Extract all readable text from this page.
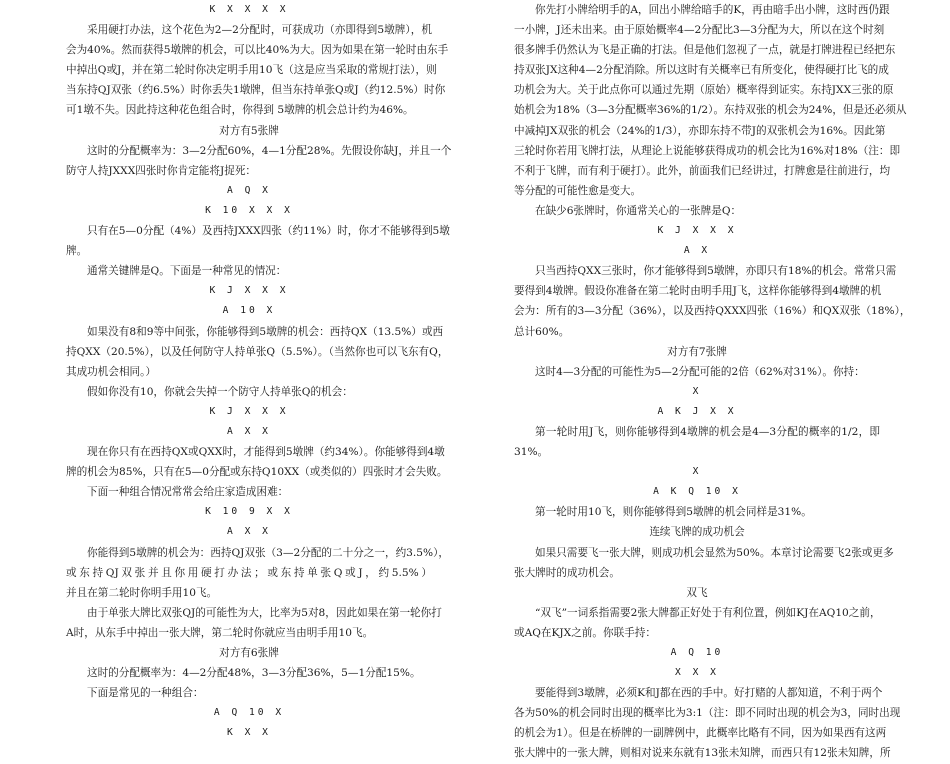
K X X X X
采用硬打办法，这个花色为2—2分配时，可获成功（亦即得到5墩牌），机
会为40%。然而获得5墩牌的机会，可以比40%为大。因为如果在第一轮时由东手
中掉出Q或J，并在第二轮时你决定明手用10飞（这是应当采取的常规打法），则
当东持QJ双张（约6.5%）时你丢失1墩牌，但当东持单张Q或J（约12.5%）时你
可1墩不失。因此持这种花色组合时，你得到 5墩牌的机会总计约为46%。
对方有5张牌
这时的分配概率为：3—2分配60%，4—1分配28%。先假设你缺J，并且一个
防守人持JXXX四张时你肯定能将J捉死：
A Q X
K 10 X X X
只有在5—0分配（4%）及西持JXXX四张（约11%）时，你才不能够得到5墩
牌。
通常关键牌是Q。下面是一种常见的情况：
K J X X X
A 10 X
如果没有8和9等中间张，你能够得到5墩牌的机会：西持QX（13.5%）或西
持QXX（20.5%），以及任何防守人持单张Q（5.5%）。（当然你也可以飞东有Q，
其成功机会相同。）
假如你没有10，你就会失掉一个防守人持单张Q的机会：
K J X X X
A X X
现在你只有在西持QX或QXX时，才能得到5墩牌（约34%）。你能够得到4墩
牌的机会为85%，只有在5—0分配或东持Q10XX（或类似的）四张时才会失败。
下面一种组合情况常常会给庄家造成困难：
K 10 9 X X
A X X
你能得到5墩牌的机会为：西持QJ双张（3—2分配的二十分之一，约3.5%），
或东持QJ双张并且你用硬打办法；或东持单张Q或J，约5.5%）
并且在第二轮时你明手用10飞。
由于单张大牌比双张QJ的可能性为大，比率为5对8，因此如果在第一轮你打
A时，从东手中掉出一张大牌，第二轮时你就应当由明手用10飞。
对方有6张牌
这时的分配概率为：4—2分配48%，3—3分配36%，5—1分配15%。
下面是常见的一种组合：
A Q 10 X
K X X
你先打小牌给明手的A，回出小牌给暗手的K，再由暗手出小牌，这时西仍跟
一小牌，J还未出来。由于原始概率4—2分配比3—3分配为大，所以在这个时刻
很多牌手仍然认为飞是正确的打法。但是他们忽视了一点，就是打牌进程已经把东
持双张JX这种4—2分配消除。所以这时有关概率已有所变化，使得硬打比飞的成
功机会为大。关于此点你可以通过先期（原始）概率得到证实。东持JXX三张的原
始机会为18%（3—3分配概率36%的1/2）。东持双张的机会为24%，但是还必须从
中减掉JX双张的机会（24%的1/3），亦即东持不带J的双张机会为16%。因此第
三轮时你若用飞牌打法，从理论上说能够获得成功的机会比为16%对18%（注：即
不利于飞牌，而有利于硬打）。此外，前面我们已经讲过，打牌愈是往前进行，均
等分配的可能性愈是变大。
在缺少6张牌时，你通常关心的一张牌是Q：
K J X X X
A X
只当西持QXX三张时，你才能够得到5墩牌，亦即只有18%的机会。常常只需
要得到4墩牌。假设你准备在第二轮时由明手用J飞，这样你能够得到4墩牌的机
会为：所有的3—3分配（36%），以及西持QXXX四张（16%）和QX双张（18%），
总计60%。
对方有7张牌
这时4—3分配的可能性为5—2分配可能的2倍（62%对31%）。你持：
X
A K J X X
第一轮时用J飞，则你能够得到4墩牌的机会是4—3分配的概率的1/2，即
31%。
X
A K Q 10 X
第一轮时用10飞，则你能够得到5墩牌的机会同样是31%。
连续飞牌的成功机会
如果只需要飞一张大牌，则成功机会显然为50%。本章讨论需要飞2张或更多
张大牌时的成功机会。
双飞
“双飞”一词系指需要2张大牌都正好处于有利位置，例如KJ在AQ10之前，
或AQ在KJX之前。你联手持：
A Q 10
X X X
要能得到3墩牌，必须K和J都在西的手中。好打赌的人都知道，不利于两个
各为50%的机会同时出现的概率比为3:1（注：即不同时出现的机会为3，同时出现
的机会为1）。但是在桥牌的一副牌例中，此概率比略有不同，因为如果西有这两
张大牌中的一张大牌，则相对说来东就有13张未知牌，而西只有12张未知牌，所
